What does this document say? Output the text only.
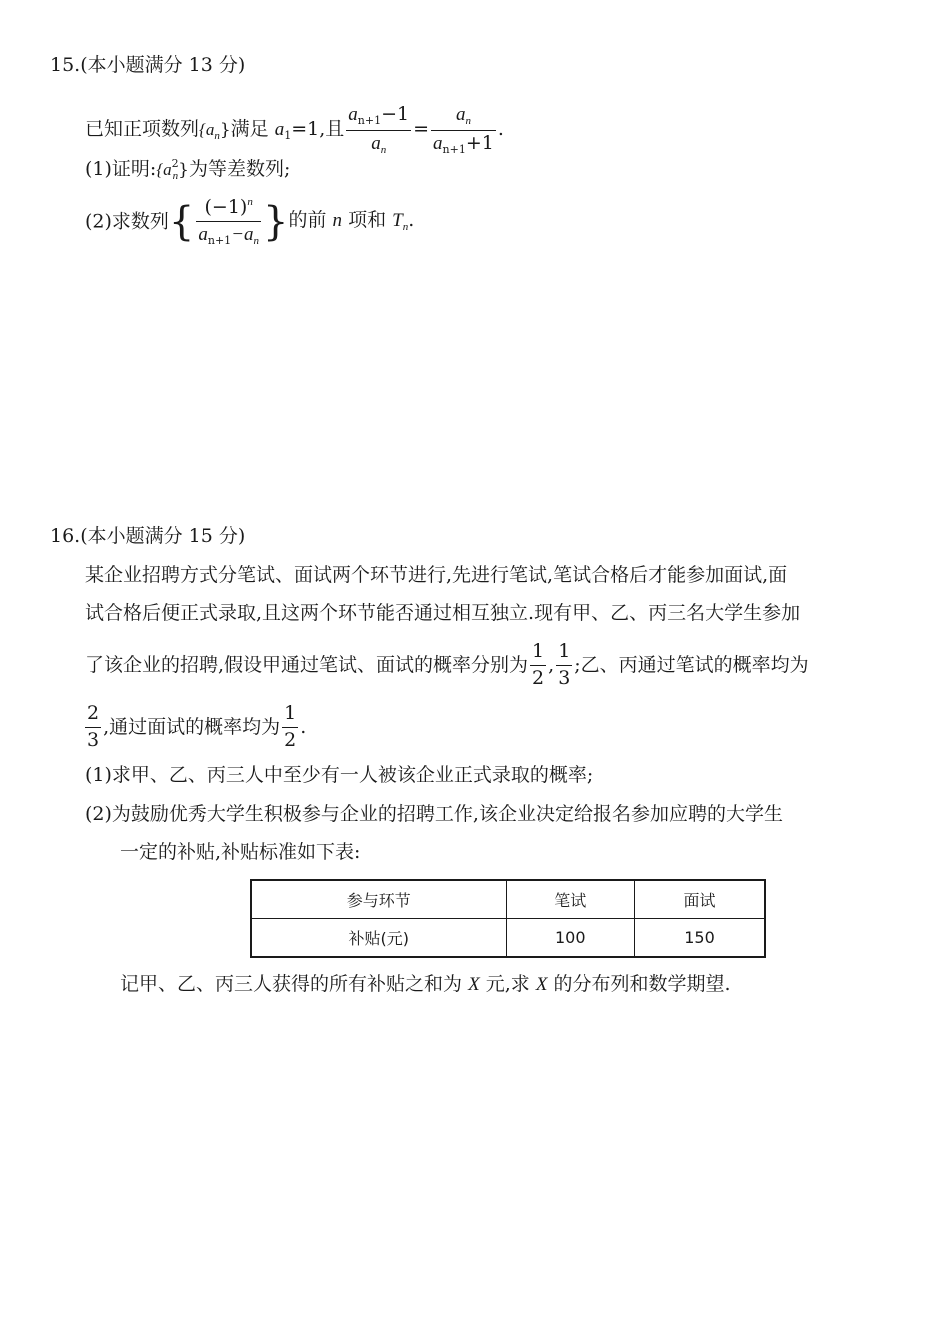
15.(本小题满分 13 分)
已知正项数列$\{a_n\}$满足 $a_1=1$,且 $\frac{a_{n+1}-1}{a_n} = \frac{a_n}{a_{n+1}+1}$ .
(1)证明$:\{a^2_n\}$为等差数列;
(2)求数列{ $\frac{(-1)^n}{a_{n+1}-a_n}$ }的前 n 项和 $T_n$.
16.(本小题满分 15 分)
某企业招聘方式分笔试、面试两个环节进行,先进行笔试,笔试合格后才能参加面试,面
试合格后便正式录取,且这两个环节能否通过相互独立.现有甲、乙、丙三名大学生参加
了该企业的招聘,假设甲通过笔试、面试的概率分别为 $\frac{1}{2}$ , $\frac{1}{3}$ ;乙、丙通过笔试的概率均为
$\frac{2}{3}$ ,通过面试的概率均为 $\frac{1}{2}$ .
(1)求甲、乙、丙三人中至少有一人被该企业正式录取的概率;
(2)为鼓励优秀大学生积极参与企业的招聘工作,该企业决定给报名参加应聘的大学生
一定的补贴,补贴标准如下表:
参与环节	笔试	面试
补贴(元)	100	150
记甲、乙、丙三人获得的所有补贴之和为 X 元,求 X 的分布列和数学期望.
